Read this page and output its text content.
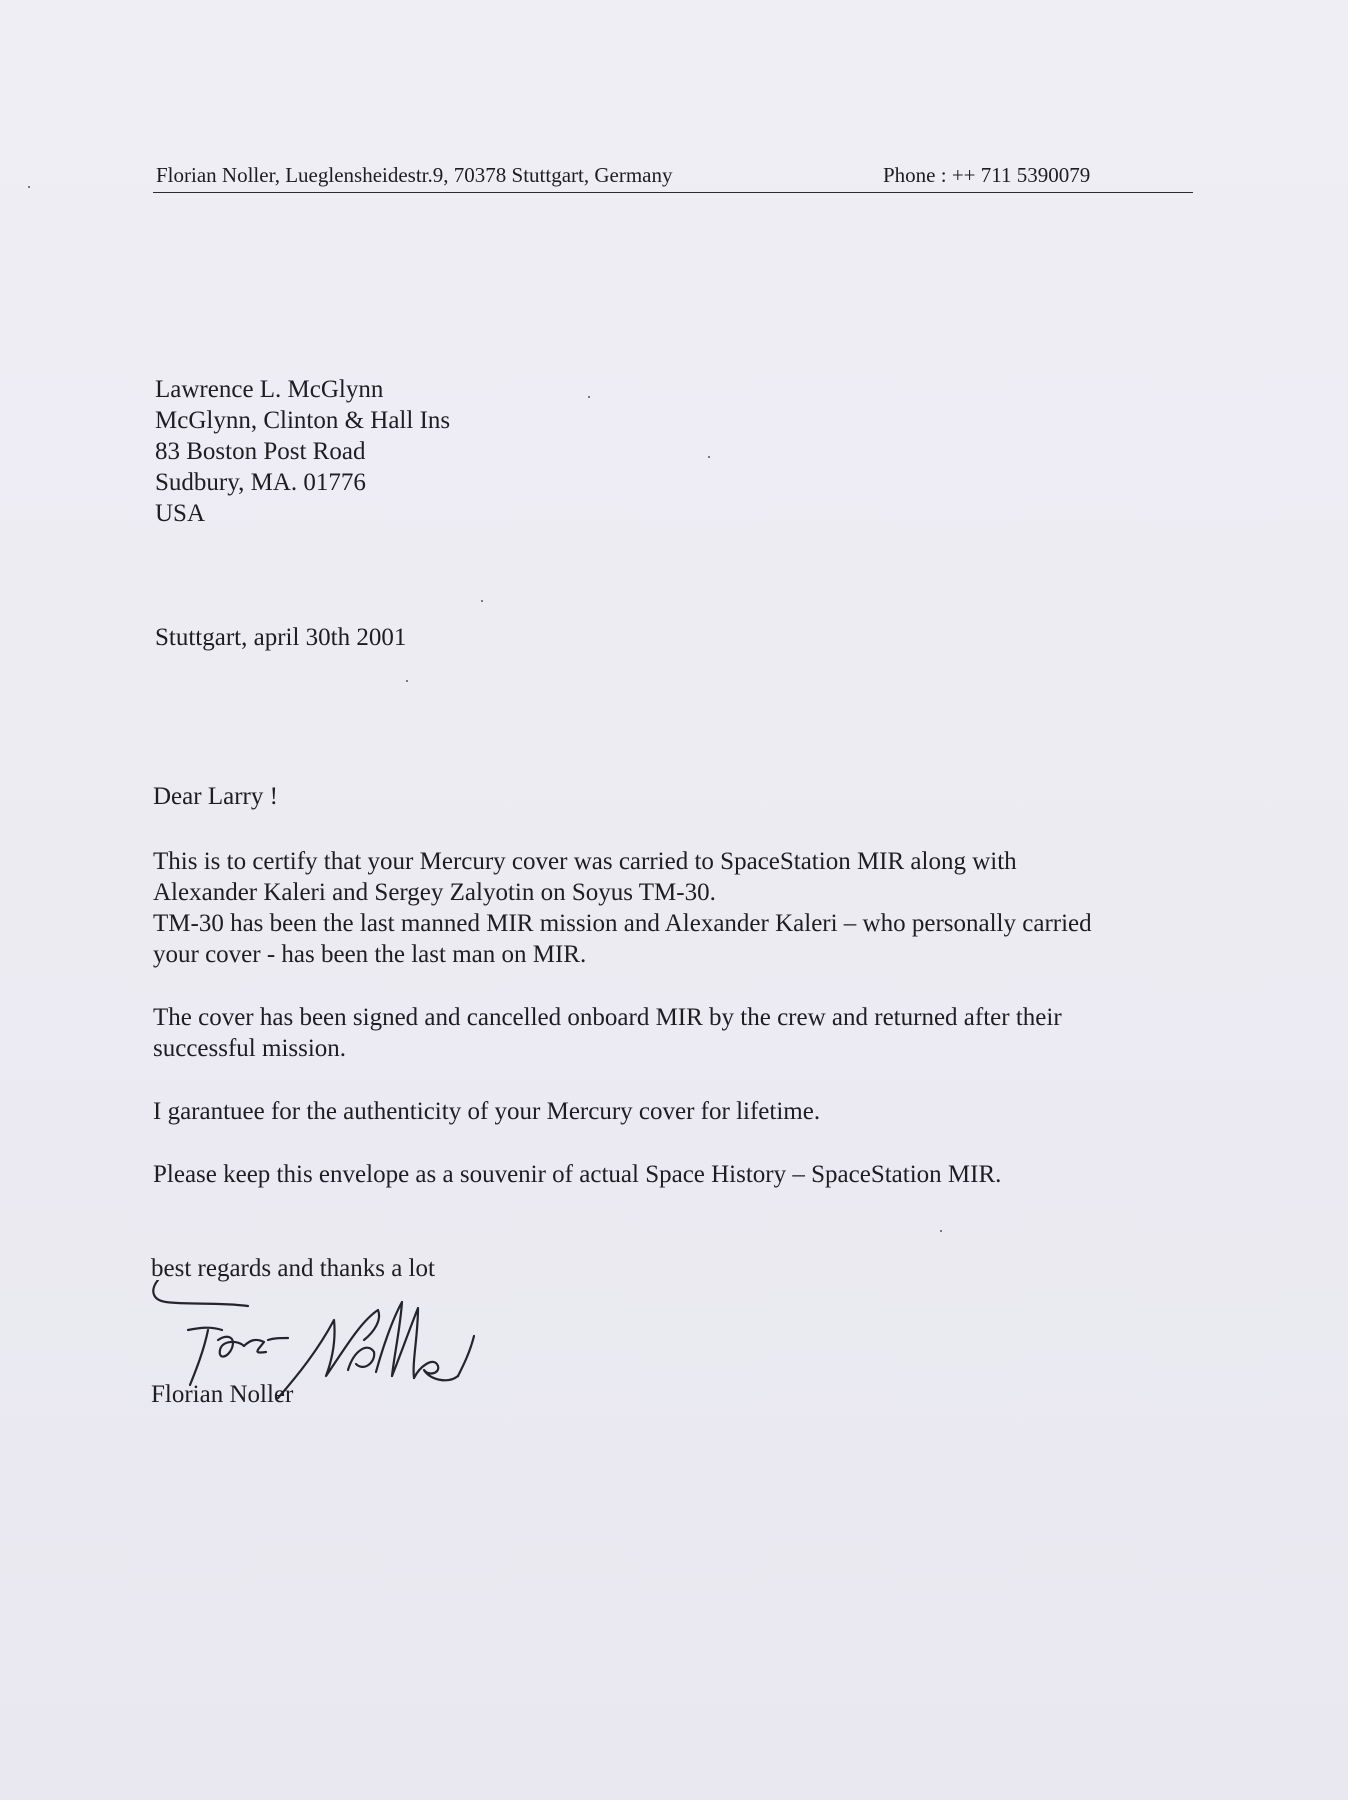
Florian Noller, Lueglensheidestr.9, 70378 Stuttgart, Germany	Phone : ++ 711 5390079
Lawrence L. McGlynn
McGlynn, Clinton & Hall Ins
83 Boston Post Road
Sudbury, MA. 01776
USA
Stuttgart, april 30th 2001
Dear Larry !
This is to certify that your Mercury cover was carried to SpaceStation MIR along with
Alexander Kaleri and Sergey Zalyotin on Soyus TM-30.
TM-30 has been the last manned MIR mission and Alexander Kaleri – who personally carried
your cover - has been the last man on MIR.
The cover has been signed and cancelled onboard MIR by the crew and returned after their
successful mission.
I garantuee for the authenticity of your Mercury cover for lifetime.
Please keep this envelope as a souvenir of actual Space History – SpaceStation MIR.
best regards and thanks a lot
Florian Noller
